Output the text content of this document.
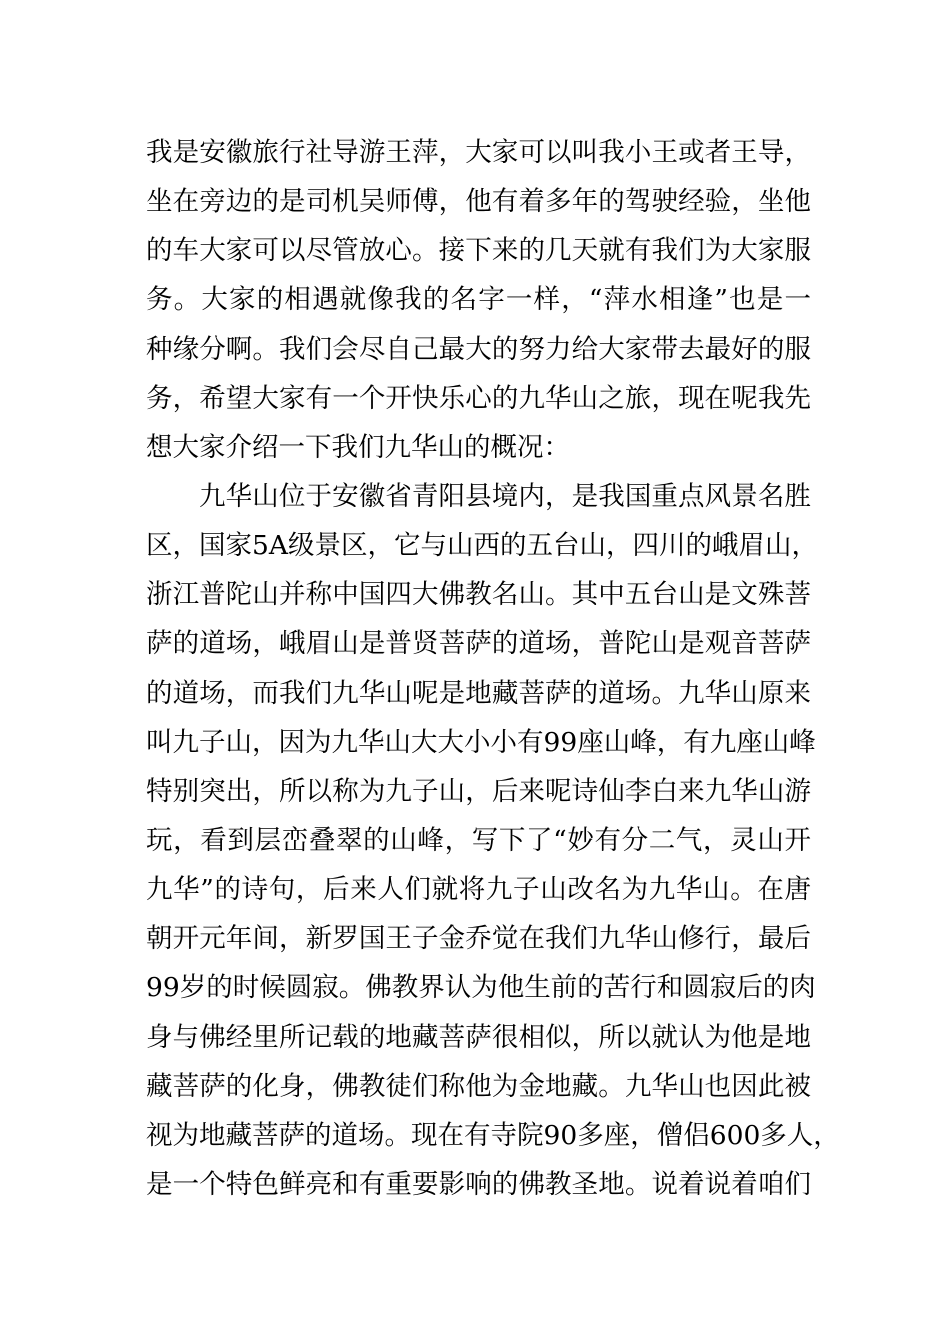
我是安徽旅行社导游王萍，大家可以叫我小王或者王导，
坐在旁边的是司机吴师傅，他有着多年的驾驶经验，坐他
的车大家可以尽管放心。接下来的几天就有我们为大家服
务。大家的相遇就像我的名字一样，“萍水相逢”也是一
种缘分啊。我们会尽自己最大的努力给大家带去最好的服
务，希望大家有一个开快乐心的九华山之旅，现在呢我先
想大家介绍一下我们九华山的概况：
九华山位于安徽省青阳县境内，是我国重点风景名胜
区，国家5A级景区，它与山西的五台山，四川的峨眉山，
浙江普陀山并称中国四大佛教名山。其中五台山是文殊菩
萨的道场，峨眉山是普贤菩萨的道场，普陀山是观音菩萨
的道场，而我们九华山呢是地藏菩萨的道场。九华山原来
叫九子山，因为九华山大大小小有99座山峰，有九座山峰
特别突出，所以称为九子山，后来呢诗仙李白来九华山游
玩，看到层峦叠翠的山峰，写下了“妙有分二气，灵山开
九华”的诗句，后来人们就将九子山改名为九华山。在唐
朝开元年间，新罗国王子金乔觉在我们九华山修行，最后
99岁的时候圆寂。佛教界认为他生前的苦行和圆寂后的肉
身与佛经里所记载的地藏菩萨很相似，所以就认为他是地
藏菩萨的化身，佛教徒们称他为金地藏。九华山也因此被
视为地藏菩萨的道场。现在有寺院90多座，僧侣600多人，
是一个特色鲜亮和有重要影响的佛教圣地。说着说着咱们
